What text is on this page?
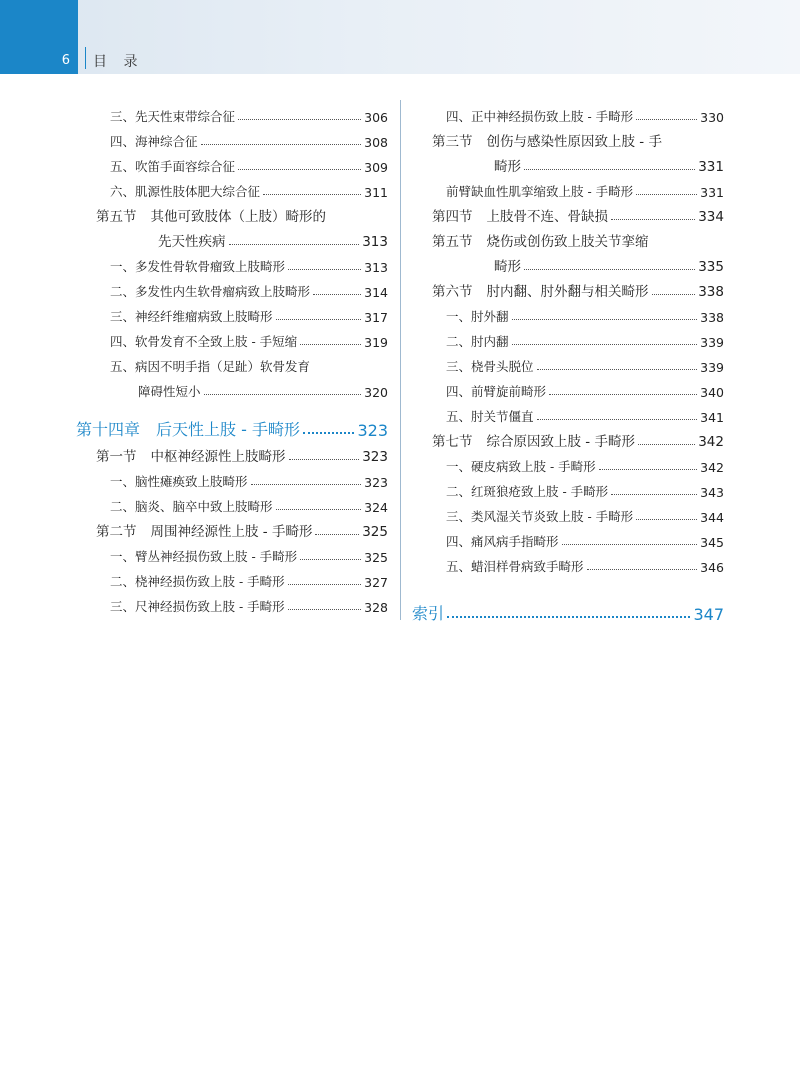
6 目 录
三、先天性束带综合征	306
四、海神综合征	308
五、吹笛手面容综合征	309
六、肌源性肢体肥大综合征	311
第五节 其他可致肢体（上肢）畸形的
先天性疾病	313
一、多发性骨软骨瘤致上肢畸形	313
二、多发性内生软骨瘤病致上肢畸形	314
三、神经纤维瘤病致上肢畸形	317
四、软骨发育不全致上肢 - 手短缩	319
五、病因不明手指（足趾）软骨发育
障碍性短小	320
第十四章 后天性上肢 - 手畸形	323
第一节 中枢神经源性上肢畸形	323
一、脑性瘫痪致上肢畸形	323
二、脑炎、脑卒中致上肢畸形	324
第二节 周围神经源性上肢 - 手畸形	325
一、臂丛神经损伤致上肢 - 手畸形	325
二、桡神经损伤致上肢 - 手畸形	327
三、尺神经损伤致上肢 - 手畸形	328
四、正中神经损伤致上肢 - 手畸形	330
第三节 创伤与感染性原因致上肢 - 手
畸形	331
前臂缺血性肌挛缩致上肢 - 手畸形	331
第四节 上肢骨不连、骨缺损	334
第五节 烧伤或创伤致上肢关节挛缩
畸形	335
第六节 肘内翻、肘外翻与相关畸形	338
一、肘外翻	338
二、肘内翻	339
三、桡骨头脱位	339
四、前臂旋前畸形	340
五、肘关节僵直	341
第七节 综合原因致上肢 - 手畸形	342
一、硬皮病致上肢 - 手畸形	342
二、红斑狼疮致上肢 - 手畸形	343
三、类风湿关节炎致上肢 - 手畸形	344
四、痛风病手指畸形	345
五、蜡泪样骨病致手畸形	346
索引	347
